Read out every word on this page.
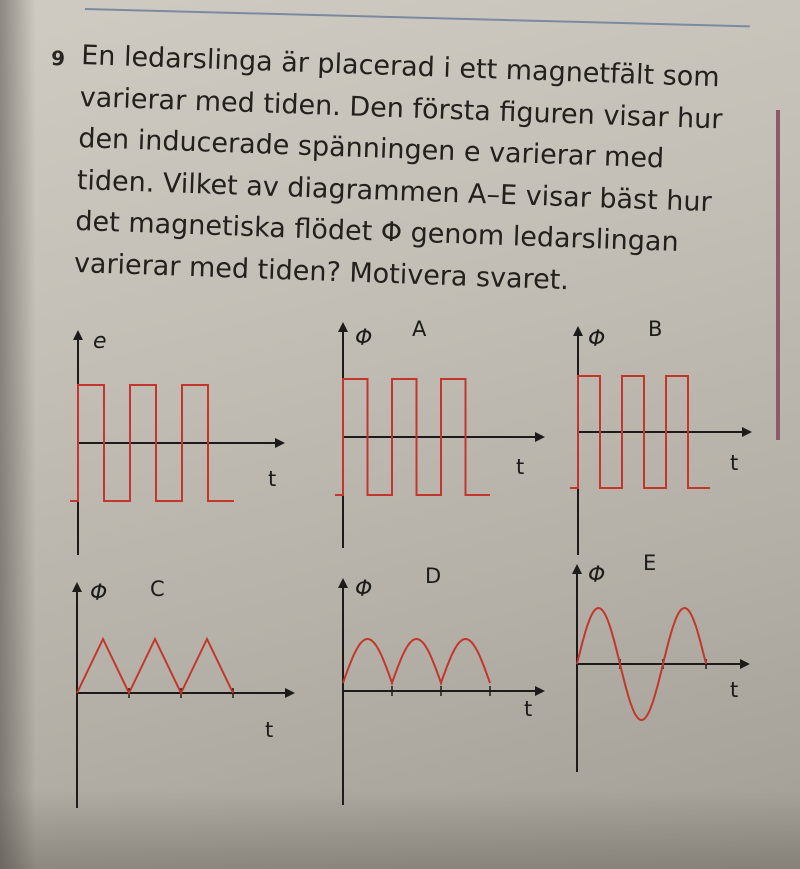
9 En ledarslinga är placerad i ett magnetfält som
varierar med tiden. Den första figuren visar hur
den inducerade spänningen e varierar med
tiden. Vilket av diagrammen A–E visar bäst hur
det magnetiska flödet Φ genom ledarslingan
varierar med tiden? Motivera svaret.
e
t
Φ A
t
Φ B
t
Φ C
t
Φ
D
t
Φ E
t
